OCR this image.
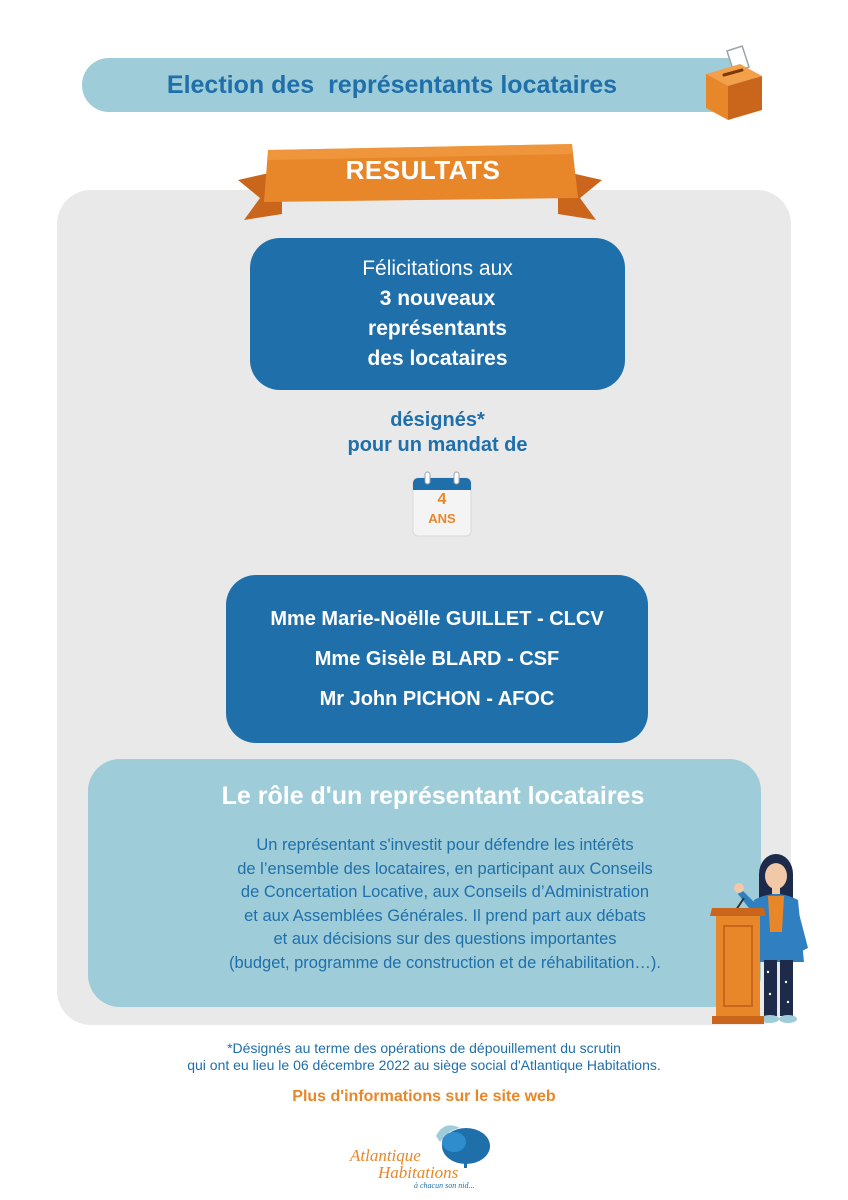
Election des  représentants locataires
RESULTATS
Félicitations aux
3 nouveaux
représentants
des locataires
désignés*
pour un mandat de
4
ANS
Mme Marie-Noëlle GUILLET - CLCV
Mme Gisèle BLARD - CSF
Mr John PICHON - AFOC
Le rôle d'un représentant locataires
Un représentant s'investit pour défendre les intérêts
de l’ensemble des locataires, en participant aux Conseils
de Concertation Locative, aux Conseils d’Administration
et aux Assemblées Générales. Il prend part aux débats
et aux décisions sur des questions importantes
(budget, programme de construction et de réhabilitation…).
*Désignés au terme des opérations de dépouillement du scrutin
qui ont eu lieu le 06 décembre 2022 au siège social d'Atlantique Habitations.
Plus d'informations sur le site web
Atlantique
Habitations
à chacun son nid...
